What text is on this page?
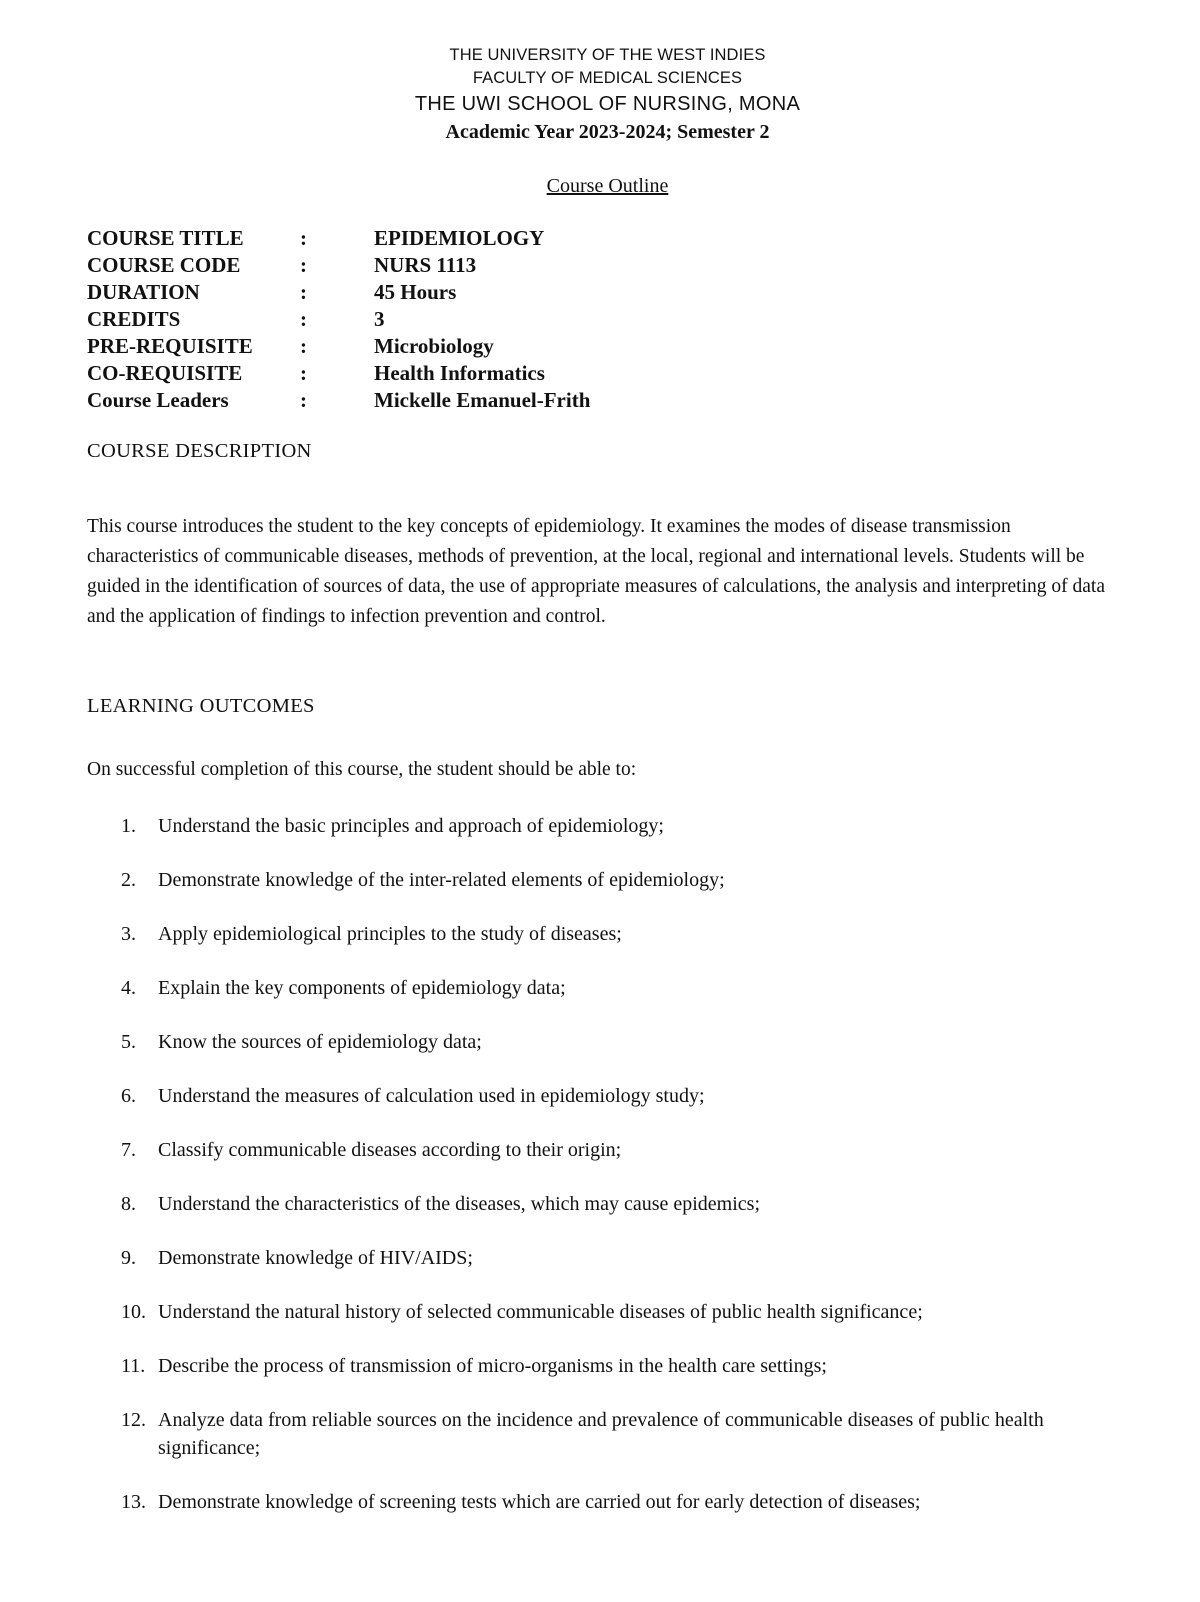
THE UNIVERSITY OF THE WEST INDIES
FACULTY OF MEDICAL SCIENCES
THE UWI SCHOOL OF NURSING, MONA
Academic Year 2023-2024; Semester 2
Course Outline
COURSE TITLE	:	EPIDEMIOLOGY
COURSE CODE	:	NURS 1113
DURATION	:	45 Hours
CREDITS	:	3
PRE-REQUISITE :	Microbiology
CO-REQUISITE	:	Health Informatics
Course Leaders	:	Mickelle Emanuel-Frith
COURSE DESCRIPTION

This course introduces the student to the key concepts of epidemiology. It examines the modes of disease transmission characteristics of communicable diseases, methods of prevention, at the local, regional and international levels. Students will be guided in the identification of sources of data, the use of appropriate measures of calculations, the analysis and interpreting of data and the application of findings to infection prevention and control.

LEARNING OUTCOMES
On successful completion of this course, the student should be able to:
1.	Understand the basic principles and approach of epidemiology;
2.	Demonstrate knowledge of the inter-related elements of epidemiology;
3.	Apply epidemiological principles to the study of diseases;
4.	Explain the key components of epidemiology data;
5.	Know the sources of epidemiology data;
6.	Understand the measures of calculation used in epidemiology study;
7.	Classify communicable diseases according to their origin;
8.	Understand the characteristics of the diseases, which may cause epidemics;
9.	Demonstrate knowledge of HIV/AIDS;
10. Understand the natural history of selected communicable diseases of public health significance;
11. Describe the process of transmission of micro-organisms in the health care settings;
12. Analyze data from reliable sources on the incidence and prevalence of communicable diseases of public health significance;
13. Demonstrate knowledge of screening tests which are carried out for early detection of diseases;
